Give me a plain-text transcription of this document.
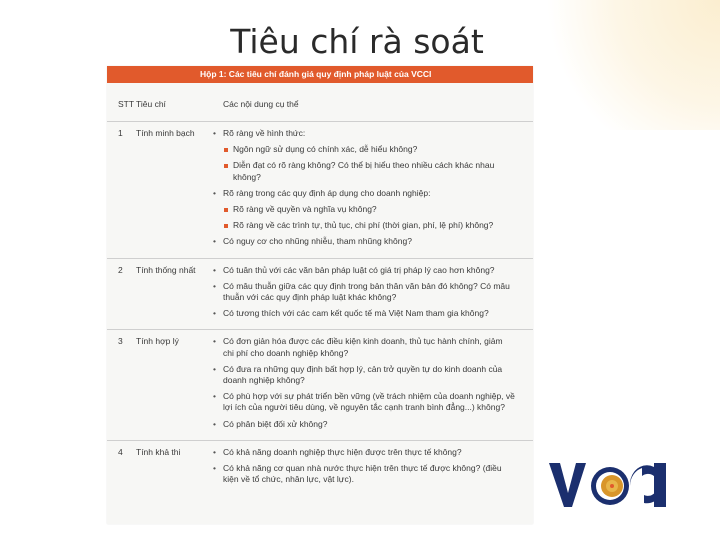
Tiêu chí rà soát
Hộp 1: Các tiêu chí đánh giá quy định pháp luật của VCCI
STT Tiêu chí	Các nội dung cụ thể
1 Tính minh bạch	• Rõ ràng về hình thức:
Ngôn ngữ sử dụng có chính xác, dễ hiểu không?
Diễn đạt có rõ ràng không? Có thể bị hiểu theo nhiều cách khác nhau không?
• Rõ ràng trong các quy định áp dụng cho doanh nghiệp:
Rõ ràng về quyền và nghĩa vụ không?
Rõ ràng về các trình tự, thủ tục, chi phí (thời gian, phí, lệ phí) không?
• Có nguy cơ cho nhũng nhiễu, tham nhũng không?
2 Tính thống nhất	• Có tuân thủ với các văn bản pháp luật có giá trị pháp lý cao hơn không?
• Có mâu thuẫn giữa các quy định trong bản thân văn bản đó không? Có mâu thuẫn với các quy định pháp luật khác không?
• Có tương thích với các cam kết quốc tế mà Việt Nam tham gia không?
3 Tính hợp lý	• Có đơn giản hóa được các điều kiện kinh doanh, thủ tục hành chính, giảm chi phí cho doanh nghiệp không?
• Có đưa ra những quy định bất hợp lý, cản trở quyền tự do kinh doanh của doanh nghiệp không?
• Có phù hợp với sự phát triển bền vững (về trách nhiệm của doanh nghiệp, về lợi ích của người tiêu dùng, về nguyên tắc cạnh tranh bình đẳng...) không?
• Có phân biệt đối xử không?
4 Tính khả thi	• Có khả năng doanh nghiệp thực hiện được trên thực tế không?
• Có khả năng cơ quan nhà nước thực hiện trên thực tế được không? (điều kiện về tổ chức, nhân lực, vật lực).
